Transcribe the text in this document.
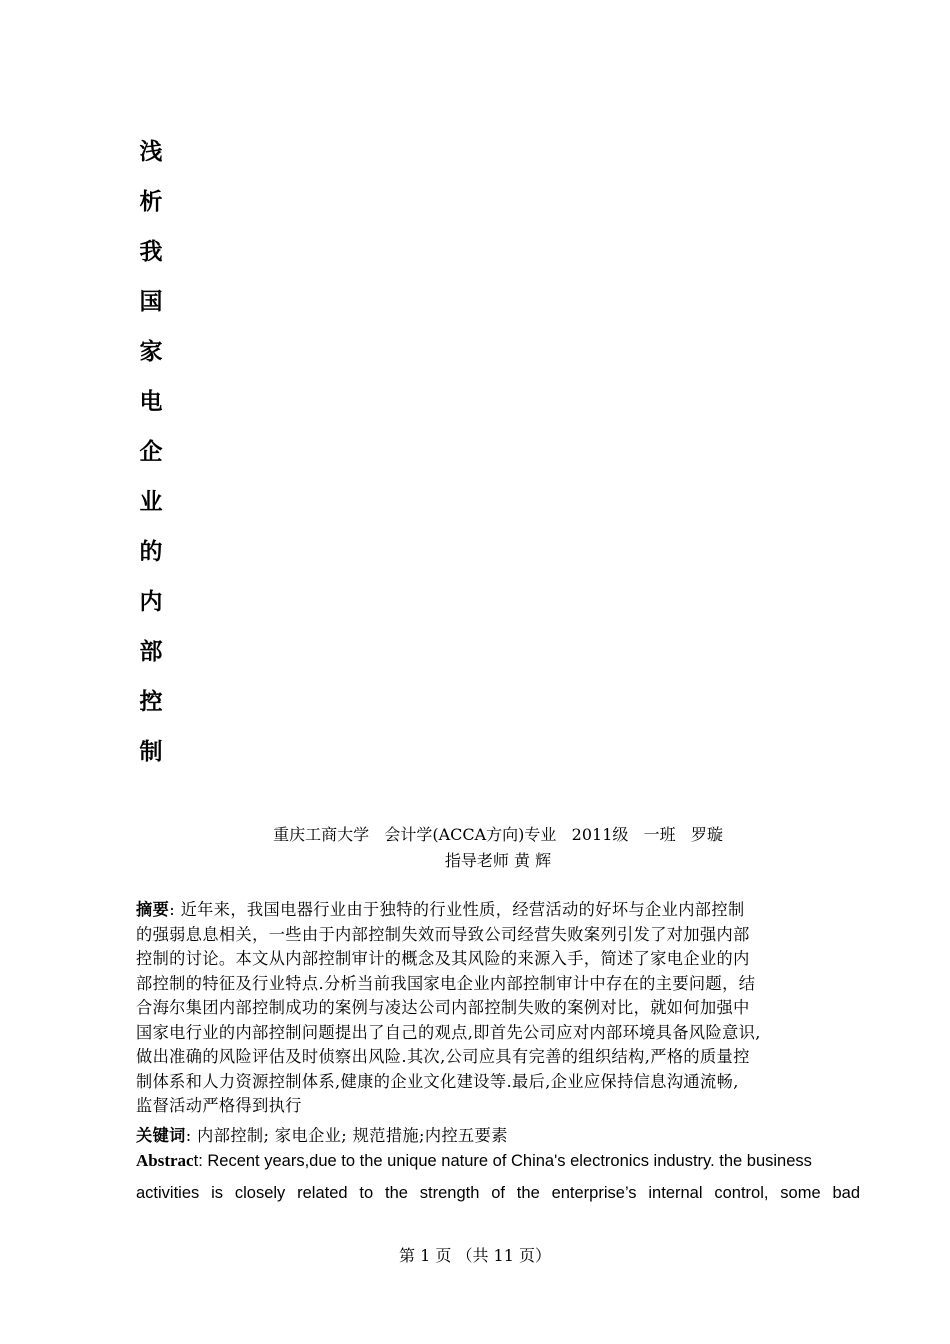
浅
析
我
国
家
电
企
业
的
内
部
控
制
重庆工商大学   会计学(ACCA方向)专业   2011级   一班   罗璇
指导老师 黄 辉
摘要: 近年来，我国电器行业由于独特的行业性质，经营活动的好坏与企业内部控制
的强弱息息相关，一些由于内部控制失效而导致公司经营失败案列引发了对加强内部
控制的讨论。本文从内部控制审计的概念及其风险的来源入手，简述了家电企业的内
部控制的特征及行业特点.分析当前我国家电企业内部控制审计中存在的主要问题，结
合海尔集团内部控制成功的案例与凌达公司内部控制失败的案例对比，就如何加强中
国家电行业的内部控制问题提出了自己的观点,即首先公司应对内部环境具备风险意识,
做出准确的风险评估及时侦察出风险.其次,公司应具有完善的组织结构,严格的质量控
制体系和人力资源控制体系,健康的企业文化建设等.最后,企业应保持信息沟通流畅,
监督活动严格得到执行
关键词: 内部控制; 家电企业; 规范措施;内控五要素
Abstract: Recent years,due to the unique nature of China's electronics industry. the business
activities is closely related to the strength of the enterprise’s internal control, some bad
第 1 页 （共 11 页）
